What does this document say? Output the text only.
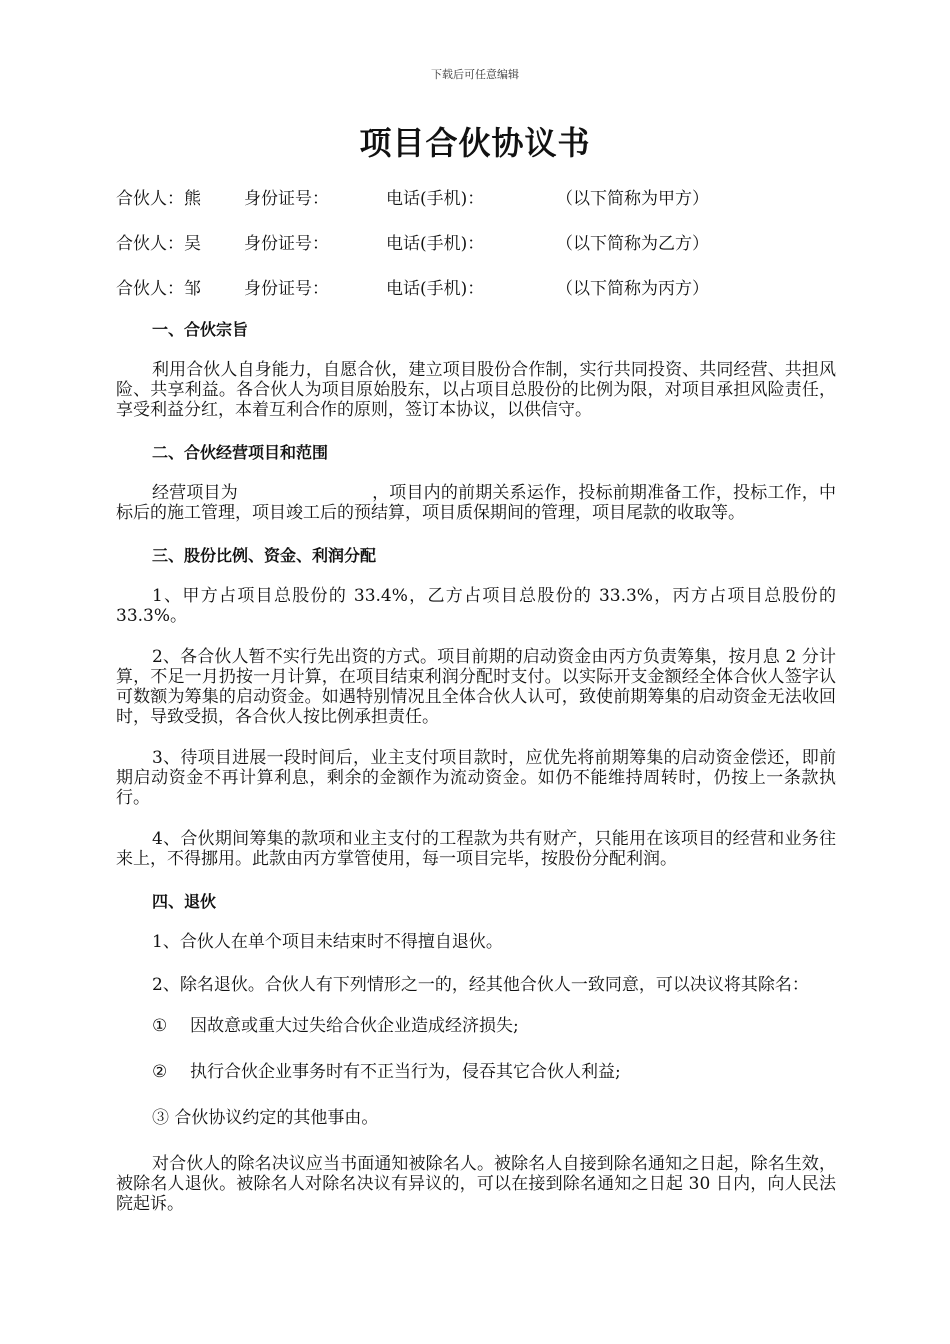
下载后可任意编辑
项目合伙协议书
合伙人：熊	身份证号：	电话(手机)：	（以下简称为甲方）
合伙人：吴	身份证号：	电话(手机)：	（以下简称为乙方）
合伙人：邹	身份证号：	电话(手机)：	（以下简称为丙方）
一、合伙宗旨

利用合伙人自身能力，自愿合伙，建立项目股份合作制，实行共同投资、共同经营、共担风险、共享利益。各合伙人为项目原始股东，以占项目总股份的比例为限，对项目承担风险责任，享受利益分红，本着互利合作的原则，签订本协议，以供信守。

二、合伙经营项目和范围

经营项目为	，项目内的前期关系运作，投标前期准备工作，投标工作，中标后的施工管理，项目竣工后的预结算，项目质保期间的管理，项目尾款的收取等。

三、股份比例、资金、利润分配

1、甲方占项目总股份的 33.4%，乙方占项目总股份的 33.3%，丙方占项目总股份的 33.3%。

2、各合伙人暂不实行先出资的方式。项目前期的启动资金由丙方负责筹集，按月息 2 分计算，不足一月扔按一月计算，在项目结束利润分配时支付。以实际开支金额经全体合伙人签字认可数额为筹集的启动资金。如遇特别情况且全体合伙人认可，致使前期筹集的启动资金无法收回时，导致受损，各合伙人按比例承担责任。

3、待项目进展一段时间后，业主支付项目款时，应优先将前期筹集的启动资金偿还，即前期启动资金不再计算利息，剩余的金额作为流动资金。如仍不能维持周转时，仍按上一条款执行。

4、合伙期间筹集的款项和业主支付的工程款为共有财产，只能用在该项目的经营和业务往来上，不得挪用。此款由丙方掌管使用，每一项目完毕，按股份分配利润。

四、退伙

1、合伙人在单个项目未结束时不得擅自退伙。

2、除名退伙。合伙人有下列情形之一的，经其他合伙人一致同意，可以决议将其除名：

① 因故意或重大过失给合伙企业造成经济损失;
② 执行合伙企业事务时有不正当行为，侵吞其它合伙人利益;
③ 合伙协议约定的其他事由。

对合伙人的除名决议应当书面通知被除名人。被除名人自接到除名通知之日起，除名生效，被除名人退伙。被除名人对除名决议有异议的，可以在接到除名通知之日起 30 日内，向人民法院起诉。
